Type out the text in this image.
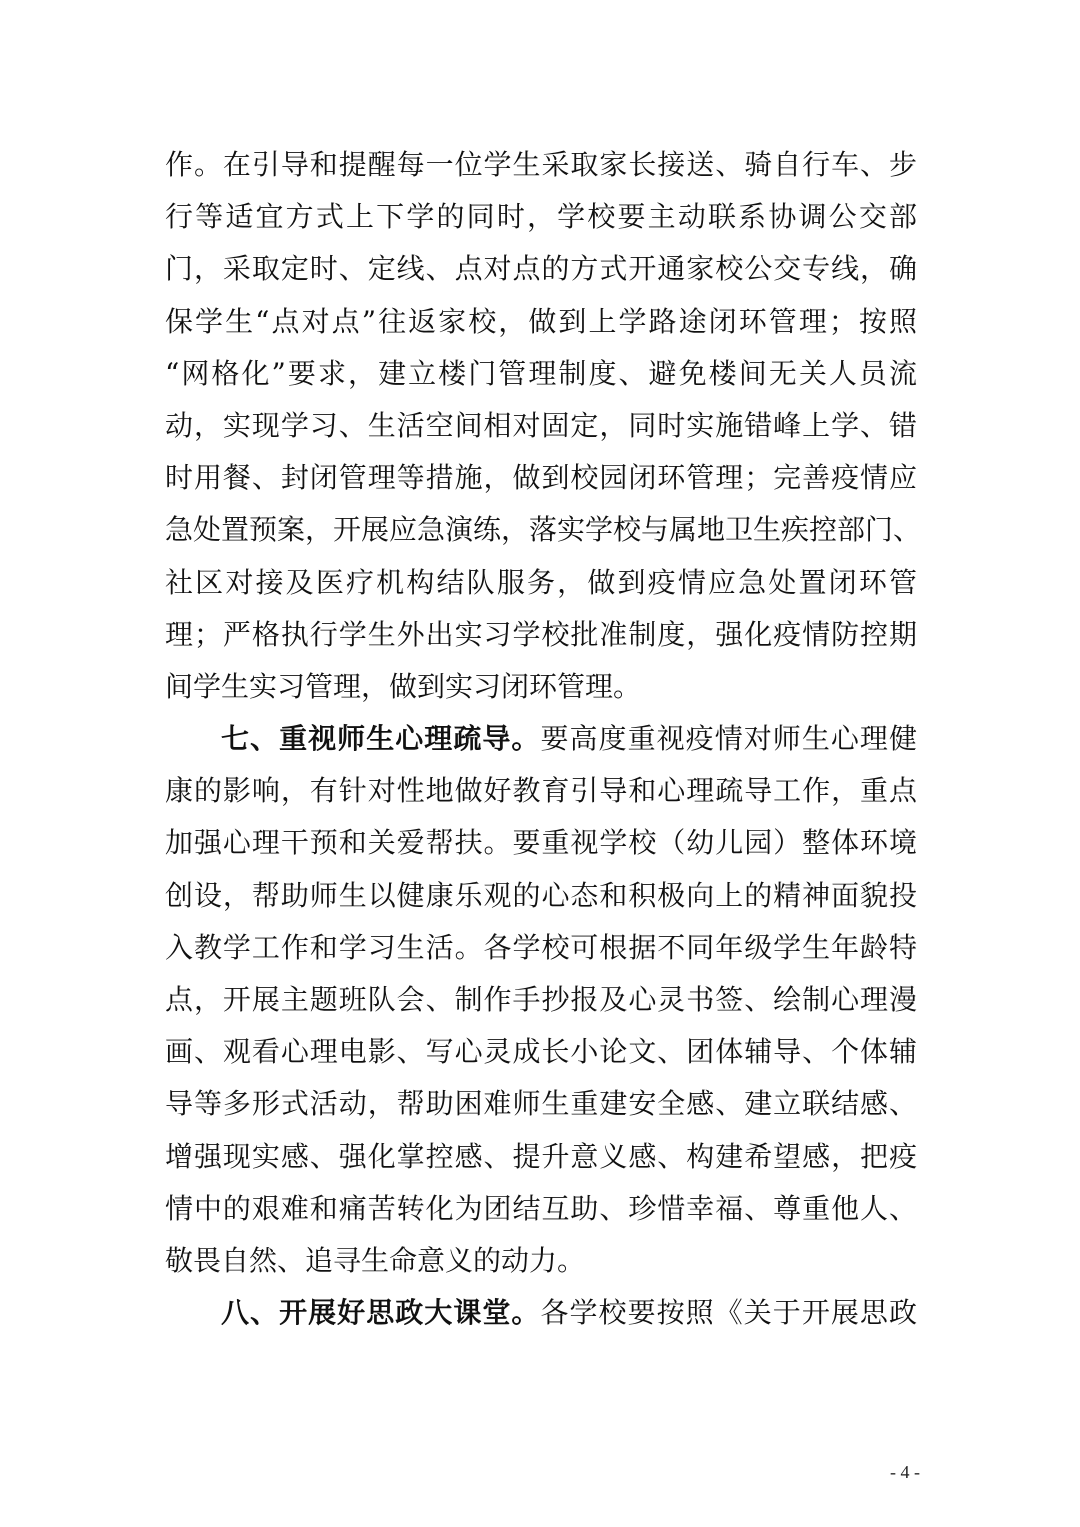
作。在引导和提醒每一位学生采取家长接送、骑自行车、步
行等适宜方式上下学的同时，学校要主动联系协调公交部
门，采取定时、定线、点对点的方式开通家校公交专线，确
保学生“点对点”往返家校，做到上学路途闭环管理；按照
“网格化”要求，建立楼门管理制度、避免楼间无关人员流
动，实现学习、生活空间相对固定，同时实施错峰上学、错
时用餐、封闭管理等措施，做到校园闭环管理；完善疫情应
急处置预案，开展应急演练，落实学校与属地卫生疾控部门、
社区对接及医疗机构结队服务，做到疫情应急处置闭环管
理；严格执行学生外出实习学校批准制度，强化疫情防控期
间学生实习管理，做到实习闭环管理。
七、重视师生心理疏导。要高度重视疫情对师生心理健
康的影响，有针对性地做好教育引导和心理疏导工作，重点
加强心理干预和关爱帮扶。要重视学校（幼儿园）整体环境
创设，帮助师生以健康乐观的心态和积极向上的精神面貌投
入教学工作和学习生活。各学校可根据不同年级学生年龄特
点，开展主题班队会、制作手抄报及心灵书签、绘制心理漫
画、观看心理电影、写心灵成长小论文、团体辅导、个体辅
导等多形式活动，帮助困难师生重建安全感、建立联结感、
增强现实感、强化掌控感、提升意义感、构建希望感，把疫
情中的艰难和痛苦转化为团结互助、珍惜幸福、尊重他人、
敬畏自然、追寻生命意义的动力。
八、开展好思政大课堂。各学校要按照《关于开展思政
- 4 -
